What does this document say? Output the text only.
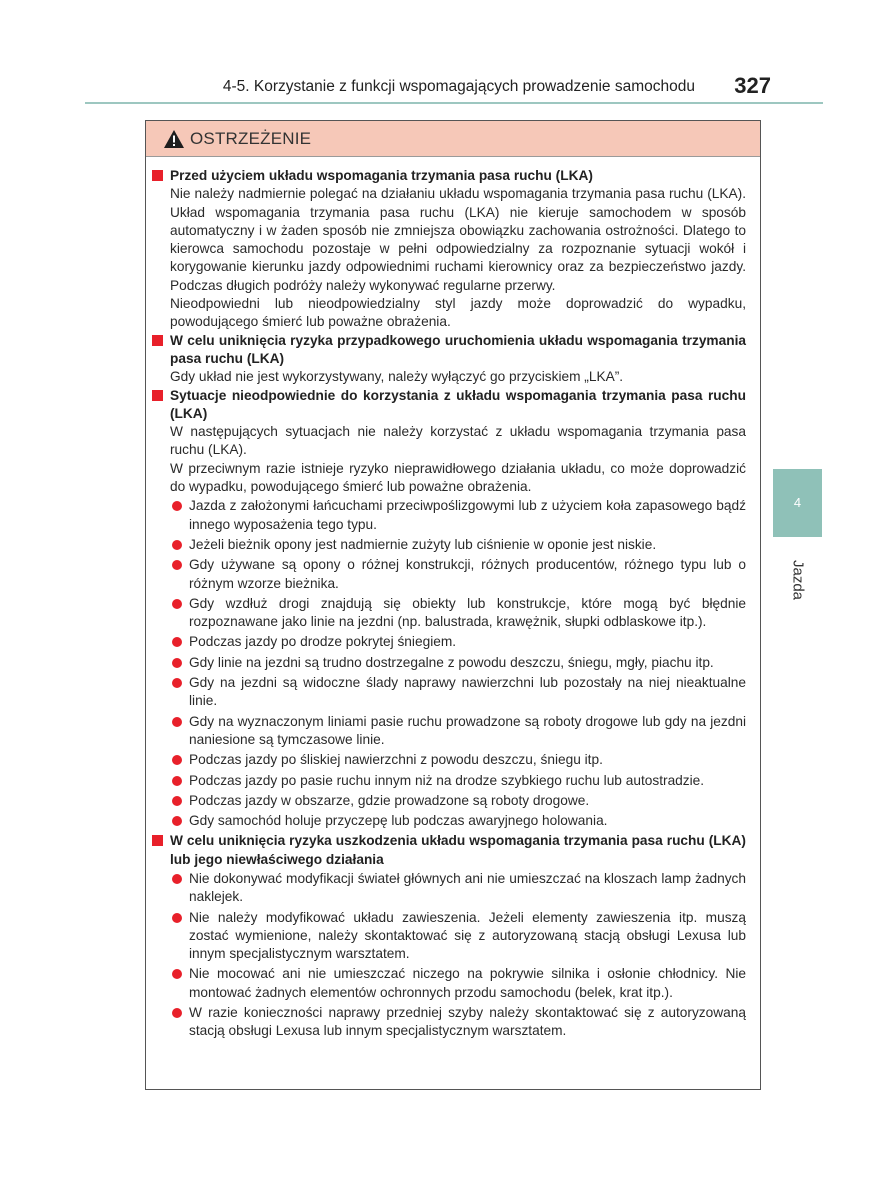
4-5. Korzystanie z funkcji wspomagających prowadzenie samochodu 327
4
Jazda
OSTRZEŻENIE
Przed użyciem układu wspomagania trzymania pasa ruchu (LKA)
Nie należy nadmiernie polegać na działaniu układu wspomagania trzymania pasa ruchu (LKA). Układ wspomagania trzymania pasa ruchu (LKA) nie kieruje samochodem w sposób automatyczny i w żaden sposób nie zmniejsza obowiązku zachowania ostrożności. Dlatego to kierowca samochodu pozostaje w pełni odpowiedzialny za rozpoznanie sytuacji wokół i korygowanie kierunku jazdy odpowiednimi ruchami kierownicy oraz za bezpieczeństwo jazdy. Podczas długich podróży należy wykonywać regularne przerwy.
Nieodpowiedni lub nieodpowiedzialny styl jazdy może doprowadzić do wypadku, powodującego śmierć lub poważne obrażenia.
W celu uniknięcia ryzyka przypadkowego uruchomienia układu wspomagania trzymania pasa ruchu (LKA)
Gdy układ nie jest wykorzystywany, należy wyłączyć go przyciskiem „LKA”.
Sytuacje nieodpowiednie do korzystania z układu wspomagania trzymania pasa ruchu (LKA)
W następujących sytuacjach nie należy korzystać z układu wspomagania trzymania pasa ruchu (LKA).
W przeciwnym razie istnieje ryzyko nieprawidłowego działania układu, co może doprowadzić do wypadku, powodującego śmierć lub poważne obrażenia.
Jazda z założonymi łańcuchami przeciwpoślizgowymi lub z użyciem koła zapasowego bądź innego wyposażenia tego typu.
Jeżeli bieżnik opony jest nadmiernie zużyty lub ciśnienie w oponie jest niskie.
Gdy używane są opony o różnej konstrukcji, różnych producentów, różnego typu lub o różnym wzorze bieżnika.
Gdy wzdłuż drogi znajdują się obiekty lub konstrukcje, które mogą być błędnie rozpoznawane jako linie na jezdni (np. balustrada, krawężnik, słupki odblaskowe itp.).
Podczas jazdy po drodze pokrytej śniegiem.
Gdy linie na jezdni są trudno dostrzegalne z powodu deszczu, śniegu, mgły, piachu itp.
Gdy na jezdni są widoczne ślady naprawy nawierzchni lub pozostały na niej nieaktualne linie.
Gdy na wyznaczonym liniami pasie ruchu prowadzone są roboty drogowe lub gdy na jezdni naniesione są tymczasowe linie.
Podczas jazdy po śliskiej nawierzchni z powodu deszczu, śniegu itp.
Podczas jazdy po pasie ruchu innym niż na drodze szybkiego ruchu lub autostradzie.
Podczas jazdy w obszarze, gdzie prowadzone są roboty drogowe.
Gdy samochód holuje przyczepę lub podczas awaryjnego holowania.
W celu uniknięcia ryzyka uszkodzenia układu wspomagania trzymania pasa ruchu (LKA) lub jego niewłaściwego działania
Nie dokonywać modyfikacji świateł głównych ani nie umieszczać na kloszach lamp żadnych naklejek.
Nie należy modyfikować układu zawieszenia. Jeżeli elementy zawieszenia itp. muszą zostać wymienione, należy skontaktować się z autoryzowaną stacją obsługi Lexusa lub innym specjalistycznym warsztatem.
Nie mocować ani nie umieszczać niczego na pokrywie silnika i osłonie chłodnicy. Nie montować żadnych elementów ochronnych przodu samochodu (belek, krat itp.).
W razie konieczności naprawy przedniej szyby należy skontaktować się z autoryzowaną stacją obsługi Lexusa lub innym specjalistycznym warsztatem.
